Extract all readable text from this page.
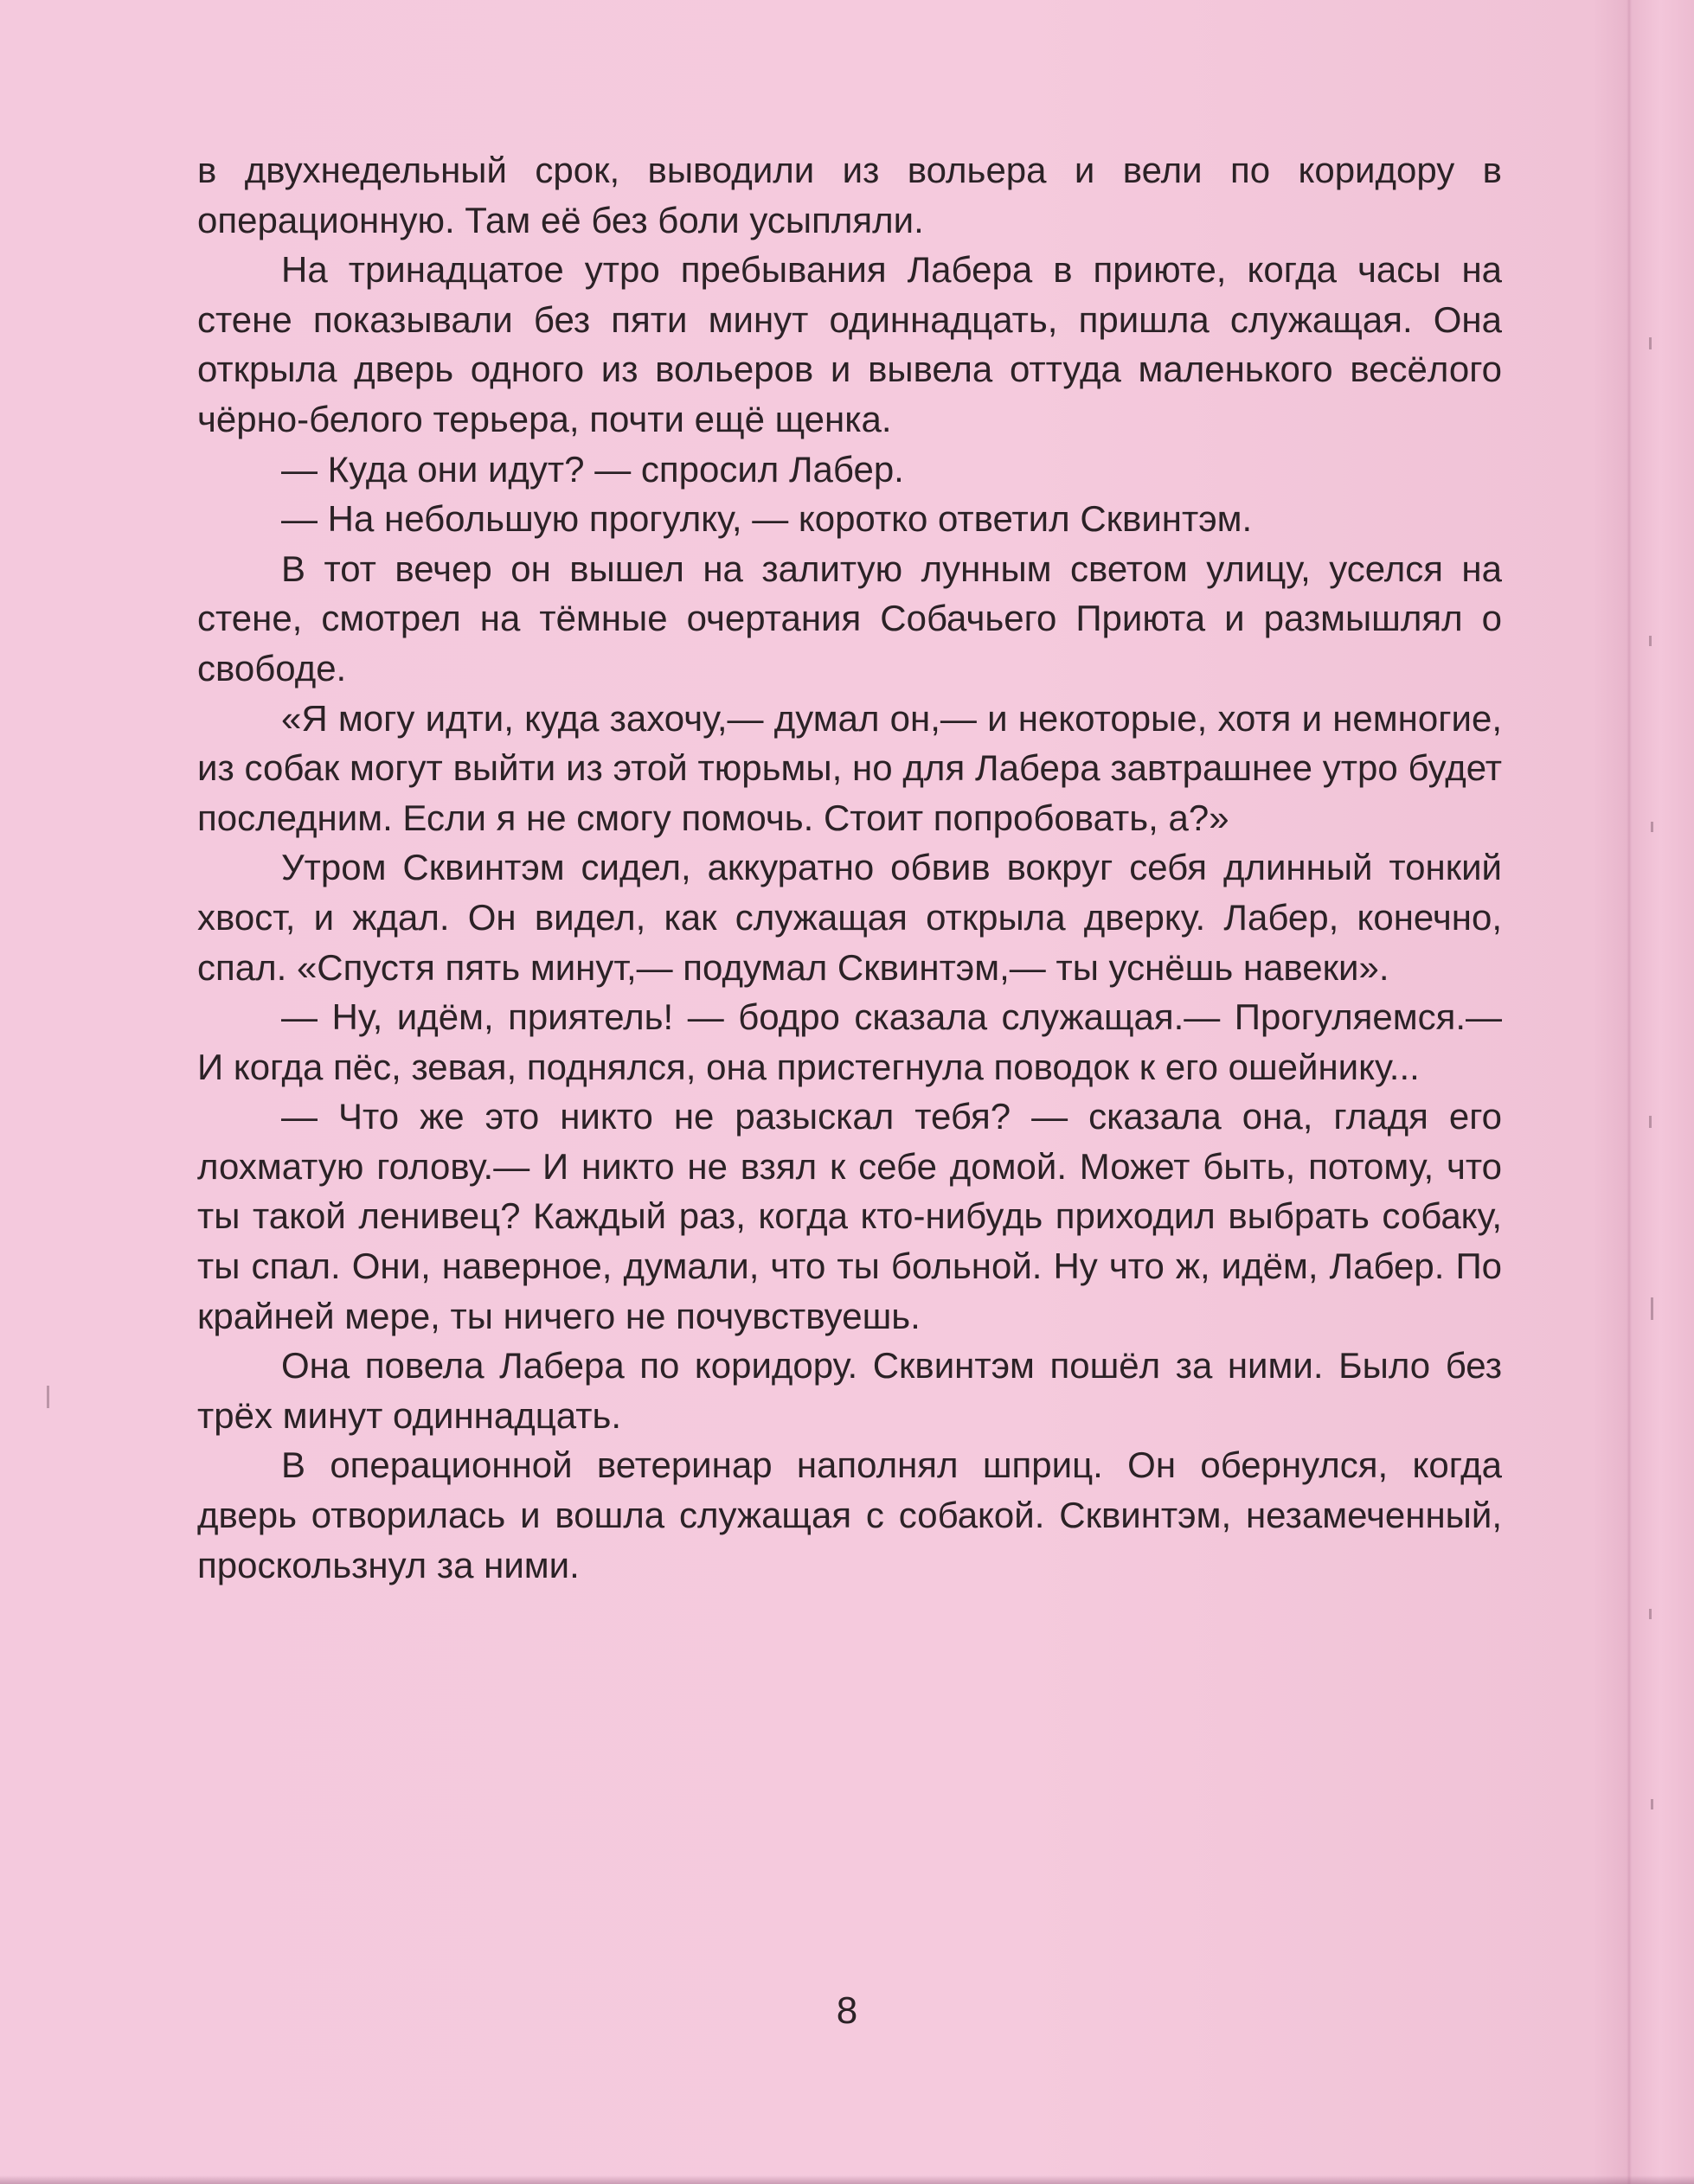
в двухнедельный срок, выводили из вольера и вели по коридору в операционную. Там её без боли усыпляли.

На тринадцатое утро пребывания Лабера в приюте, когда часы на стене показывали без пяти минут одиннадцать, пришла служащая. Она открыла дверь одного из вольеров и вывела оттуда маленького весёлого чёрно-белого терьера, почти ещё щенка.

— Куда они идут? — спросил Лабер.

— На небольшую прогулку, — коротко ответил Сквинтэм.

В тот вечер он вышел на залитую лунным светом улицу, уселся на стене, смотрел на тёмные очертания Собачьего Приюта и размышлял о свободе.

«Я могу идти, куда захочу,— думал он,— и некоторые, хотя и немногие, из собак могут выйти из этой тюрьмы, но для Лабера завтрашнее утро будет последним. Если я не смогу помочь. Стоит попробовать, а?»

Утром Сквинтэм сидел, аккуратно обвив вокруг себя длинный тонкий хвост, и ждал. Он видел, как служащая открыла дверку. Лабер, конечно, спал. «Спустя пять минут,— подумал Сквинтэм,— ты уснёшь навеки».

— Ну, идём, приятель! — бодро сказала служащая.— Прогуляемся.— И когда пёс, зевая, поднялся, она пристегнула поводок к его ошейнику...

— Что же это никто не разыскал тебя? — сказала она, гладя его лохматую голову.— И никто не взял к себе домой. Может быть, потому, что ты такой ленивец? Каждый раз, когда кто-нибудь приходил выбрать собаку, ты спал. Они, наверное, думали, что ты больной. Ну что ж, идём, Лабер. По крайней мере, ты ничего не почувствуешь.

Она повела Лабера по коридору. Сквинтэм пошёл за ними. Было без трёх минут одиннадцать.

В операционной ветеринар наполнял шприц. Он обернулся, когда дверь отворилась и вошла служащая с собакой. Сквинтэм, незамеченный, проскользнул за ними.

8
